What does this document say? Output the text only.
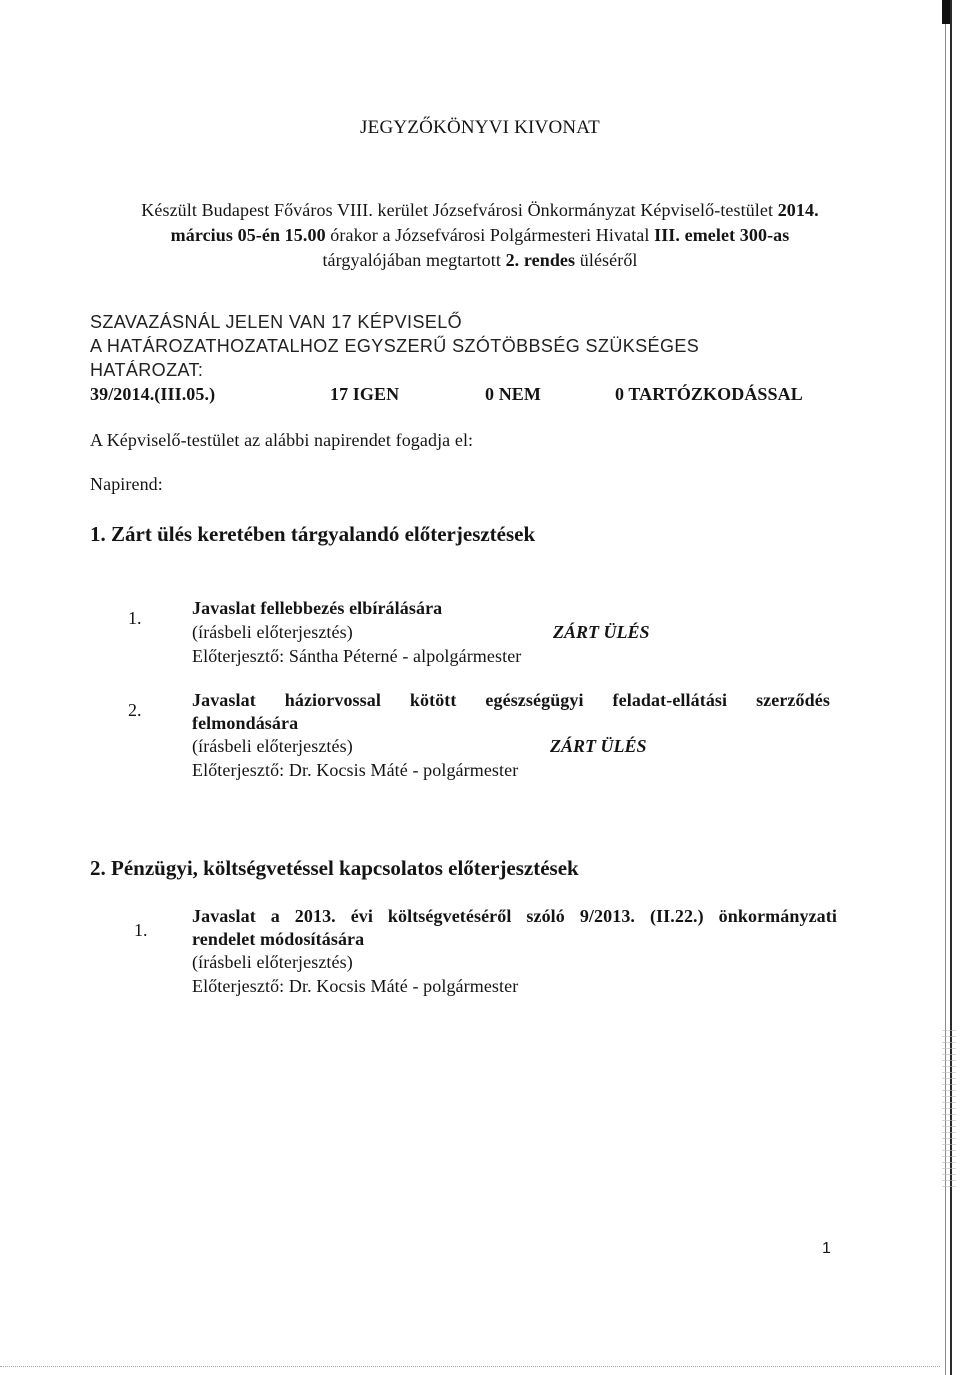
JEGYZŐKÖNYVI KIVONAT
Készült Budapest Főváros VIII. kerület Józsefvárosi Önkormányzat Képviselő-testület 2014.
március 05-én 15.00 órakor a Józsefvárosi Polgármesteri Hivatal III. emelet 300-as
tárgyalójában megtartott 2. rendes üléséről
SZAVAZÁSNÁL JELEN VAN 17 KÉPVISELŐ
A HATÁROZATHOZATALHOZ EGYSZERŰ SZÓTÖBBSÉG SZÜKSÉGES
HATÁROZAT:
39/2014.(III.05.)	17 IGEN	0 NEM	0 TARTÓZKODÁSSAL
A Képviselő-testület az alábbi napirendet fogadja el:
Napirend:
1. Zárt ülés keretében tárgyalandó előterjesztések
1.	Javaslat fellebbezés elbírálására
(írásbeli előterjesztés)	ZÁRT ÜLÉS
Előterjesztő: Sántha Péterné - alpolgármester
2.	Javaslat háziorvossal kötött egészségügyi feladat-ellátási szerződés
felmondására
(írásbeli előterjesztés)	ZÁRT ÜLÉS
Előterjesztő: Dr. Kocsis Máté - polgármester
2. Pénzügyi, költségvetéssel kapcsolatos előterjesztések
1.
Javaslat a 2013. évi költségvetéséről szóló 9/2013. (II.22.) önkormányzati
rendelet módosítására
(írásbeli előterjesztés)
Előterjesztő: Dr. Kocsis Máté - polgármester
1
